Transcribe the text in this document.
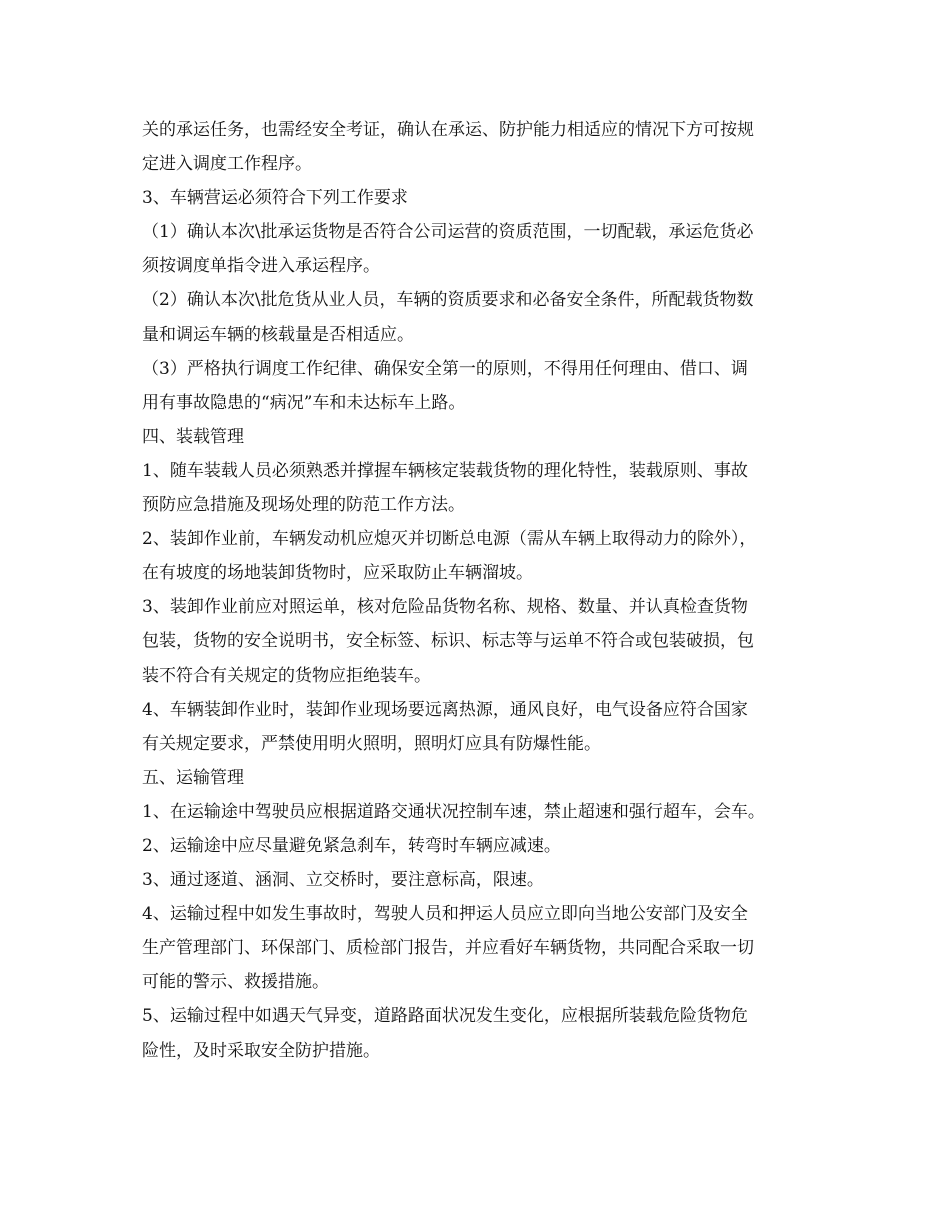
关的承运任务，也需经安全考证，确认在承运、防护能力相适应的情况下方可按规

定进入调度工作程序。

3、车辆营运必须符合下列工作要求

（1）确认本次\批承运货物是否符合公司运营的资质范围，一切配载，承运危货必

须按调度单指令进入承运程序。

（2）确认本次\批危货从业人员，车辆的资质要求和必备安全条件，所配载货物数

量和调运车辆的核载量是否相适应。

（3）严格执行调度工作纪律、确保安全第一的原则，不得用任何理由、借口、调

用有事故隐患的“病况”车和未达标车上路。

四、装载管理

1、随车装载人员必须熟悉并撑握车辆核定装载货物的理化特性，装载原则、事故

预防应急措施及现场处理的防范工作方法。

2、装卸作业前，车辆发动机应熄灭并切断总电源（需从车辆上取得动力的除外），

在有坡度的场地装卸货物时，应采取防止车辆溜坡。

3、装卸作业前应对照运单，核对危险品货物名称、规格、数量、并认真检查货物

包装，货物的安全说明书，安全标签、标识、标志等与运单不符合或包装破损，包

装不符合有关规定的货物应拒绝装车。

4、车辆装卸作业时，装卸作业现场要远离热源，通风良好，电气设备应符合国家

有关规定要求，严禁使用明火照明，照明灯应具有防爆性能。

五、运输管理

1、在运输途中驾驶员应根据道路交通状况控制车速，禁止超速和强行超车，会车。

2、运输途中应尽量避免紧急刹车，转弯时车辆应减速。

3、通过逐道、涵洞、立交桥时，要注意标高，限速。

4、运输过程中如发生事故时，驾驶人员和押运人员应立即向当地公安部门及安全

生产管理部门、环保部门、质检部门报告，并应看好车辆货物，共同配合采取一切

可能的警示、救援措施。

5、运输过程中如遇天气异变，道路路面状况发生变化，应根据所装载危险货物危

险性，及时采取安全防护措施。
